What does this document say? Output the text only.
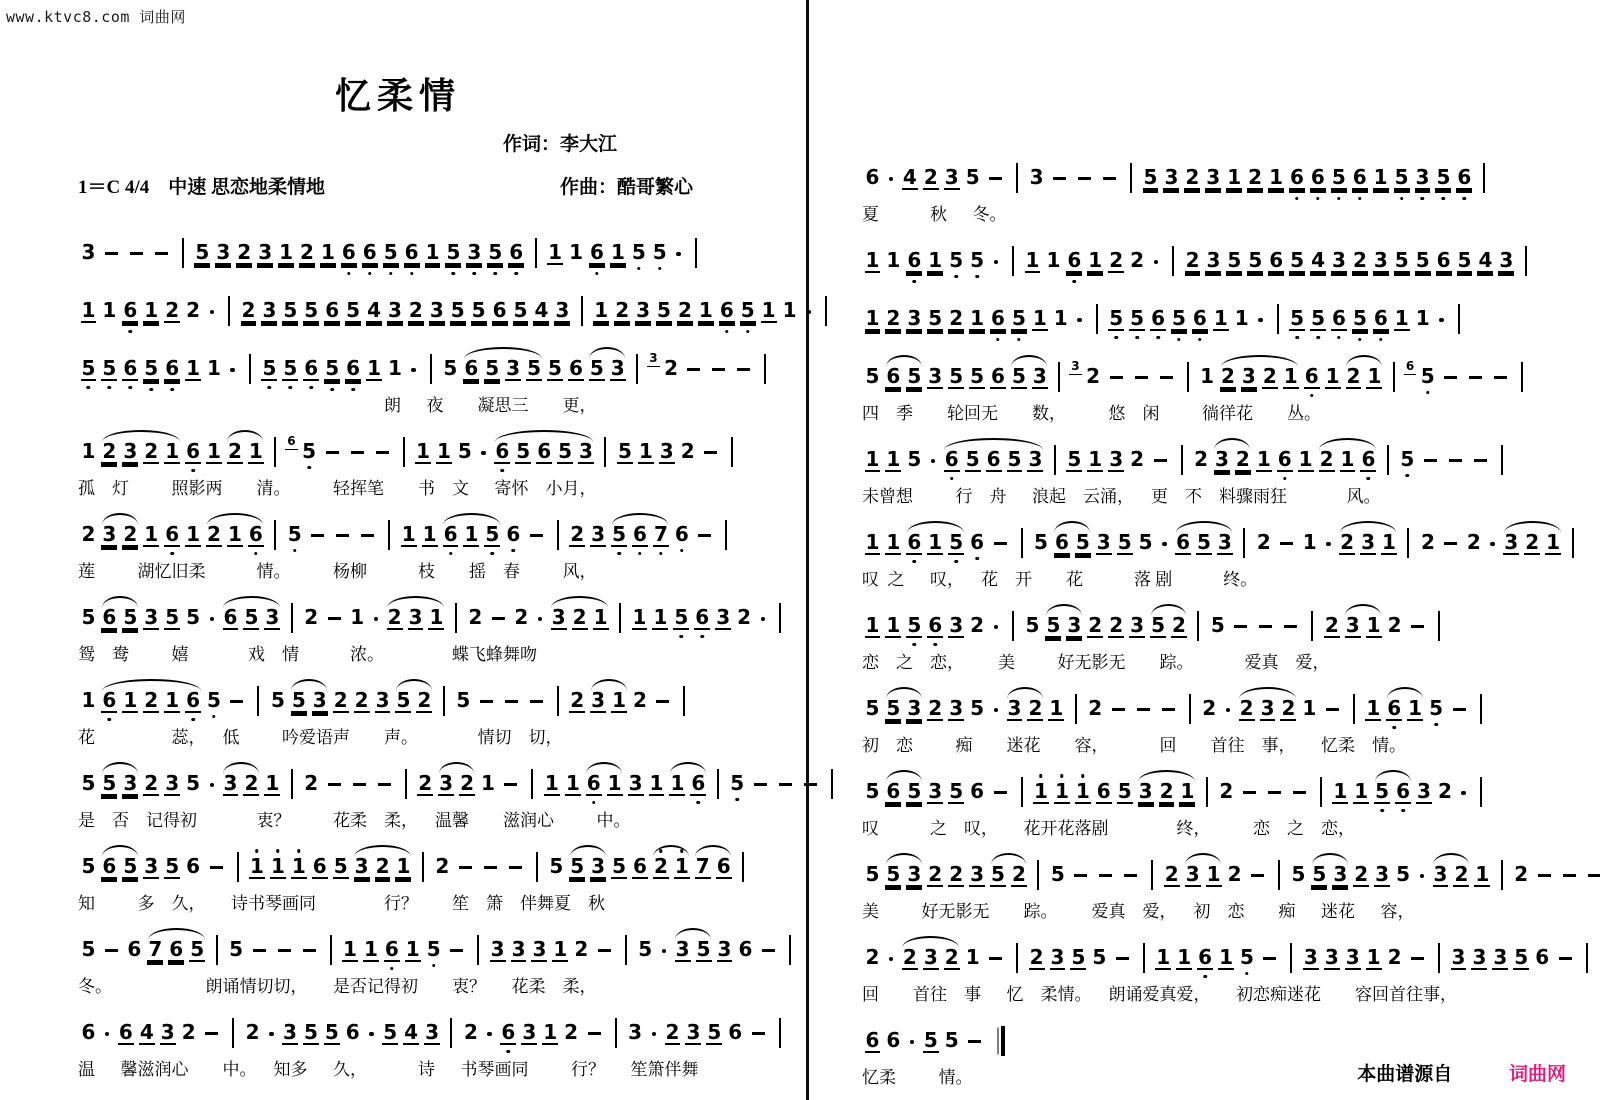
www.ktvc8.com 词曲网
忆柔情
作词：李大江
1＝C 4/4　中速 思恋地柔情地	作曲：酷哥繁心
3	5 3 2 3 1 2 1 6 6 5 6 1 5 3 5 6 1 1 6 1 5 5
1 1 6 1 2 2 2 3 5 5 6 5 4 3 2 3 5 5 6 5 4 3 1 2 3 5 2 1 6 5 1 1
5 5 6 5 6 1 1 5 5 6 5 6 1 1 5 6 5 3 5 5 6 5 3 3 2
朗      夜        凝思三        更，
1 2 3 2 1 6 1 2 1 6 5	1 1 5 6 5 6 5 3 5 1 3 2
孤    灯          照影两        清。          轻挥笔        书    文      寄怀    小月，
2 3 2 1 6 1 2 1 6 5	1 1 6 1 5 6	2 3 5 6 7 6
莲          湖忆旧柔            情。          杨柳            枝        摇    春          风，
5 6 5 3 5 5 6 5 3 2 1 2 3 1 2 2 3 2 1 1 1 5 6 3 2
鸳    鸯          嬉              戏    情            浓。                蝶飞蜂舞吻
1 6 1 2 1 6 5	5 5 3 2 2 3 5 2 5	2 3 1 2
花                  蕊，    低          吟爱语声        声。              情切    切，
5 5 3 2 3 5 3 2 1 2	2 3 2 1	1 1 6 1 3 1 1 6 5
是    否    记得初              衷？          花柔    柔，    温馨        滋润心          中。
5 6 5 3 5 6	1 1 1 6 5 3 2 1 2	5 5 3 5 6 2 1 7 6
知          多    久，      诗书琴画同                行？        笙    箫    伴舞夏    秋
5 6 7 6 5 5	1 1 6 1 5	3 3 3 1 2	5 3 5 3 6
冬。                      朗诵情切切，      是否记得初        衷？      花柔    柔，
6 6 4 3 2	2 3 5 5 6 5 4 3 2 6 3 1 2	3 2 3 5 6
温      馨滋润心        中。    知多      久，            诗      书琴画同          行？      笙箫伴舞
6 4 2 3 5	3	5 3 2 3 1 2 1 6 6 5 6 1 5 3 5 6
夏            秋      冬。
1 1 6 1 5 5 1 1 6 1 2 2 2 3 5 5 6 5 4 3 2 3 5 5 6 5 4 3
1 2 3 5 2 1 6 5 1 1 5 5 6 5 6 1 1 5 5 6 5 6 1 1
5 6 5 3 5 5 6 5 3 3 2	1 2 3 2 1 6 1 2 1 6 5
四    季        轮回无        数，          悠    闲          徜徉花        丛。
1 1 5 6 5 6 5 3 5 1 3 2	2 3 2 1 6 1 2 1 6 5
未曾想          行    舟      浪起    云涌，    更    不    料骤雨狂              风。
1 1 6 1 5 6	5 6 5 3 5 5 6 5 3 2 1 2 3 1 2 2 3 2 1
叹  之      叹，    花    开        花            落 剧            终。
1 1 5 6 3 2 5 5 3 2 2 3 5 2 5	2 3 1 2
恋    之    恋，        美          好无影无        踪。            爱真    爱，
5 5 3 2 3 5 3 2 1 2	2 2 3 2 1	1 6 1 5
初    恋          痴        迷花        容，            回        首往    事，      忆柔    情。
5 6 5 3 5 6	1 1 1 6 5 3 2 1 2	1 1 5 6 3 2
叹            之    叹，      花开花落剧                终，          恋    之    恋，
5 5 3 2 2 3 5 2 5	2 3 1 2	5 5 3 2 3 5 3 2 1 2
美          好无影无        踪。        爱真    爱，    初    恋        痴      迷花      容，
2 2 3 2 1	2 3 5 5	1 1 6 1 5	3 3 3 1 2	3 3 3 5 6
回        首往    事      忆    柔情。    朗诵爱真爱，      初恋痴迷花        容回首往事，
6 6 5 5
忆柔          情。	本曲谱源自	词曲网
